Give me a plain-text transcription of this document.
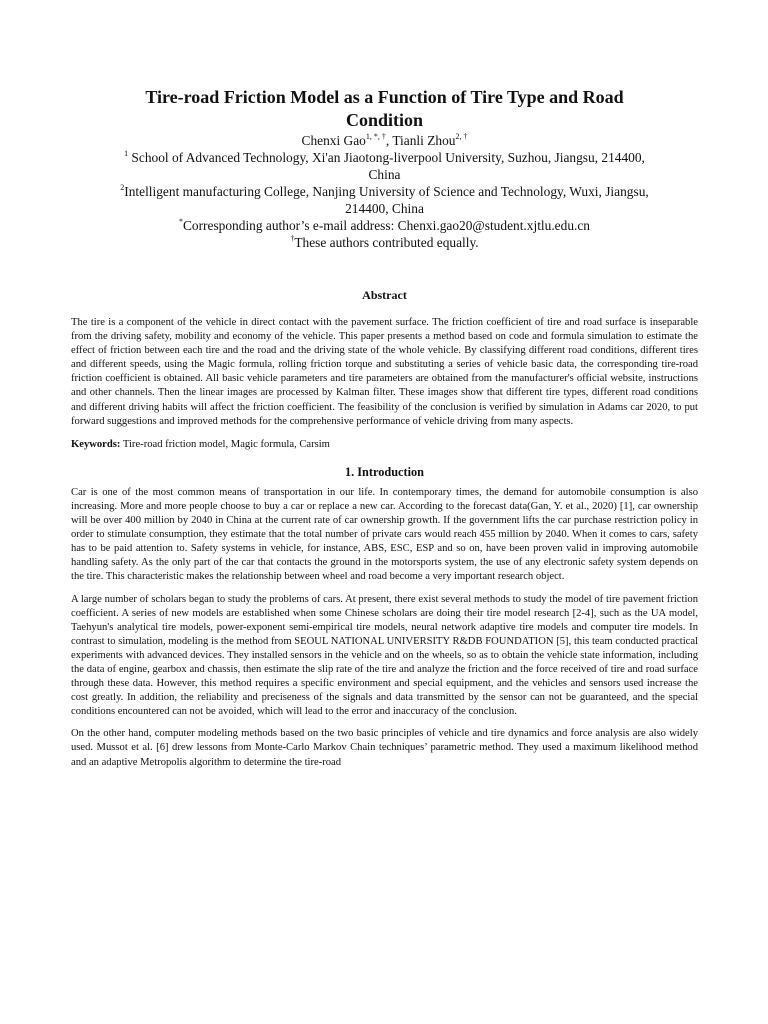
Tire-road Friction Model as a Function of Tire Type and Road
Condition
Chenxi Gao$^{1, *, \dagger}$, Tianli Zhou$^{2, \dagger}$
$^1$ School of Advanced Technology, Xi'an Jiaotong-liverpool University, Suzhou, Jiangsu, 214400,
China
$^2$Intelligent manufacturing College, Nanjing University of Science and Technology, Wuxi, Jiangsu,
214400, China
*Corresponding author’s e-mail address: Chenxi.gao20@student.xjtlu.edu.cn
†These authors contributed equally.
Abstract

The tire is a component of the vehicle in direct contact with the pavement surface. The friction coefficient of tire and road surface is inseparable from the driving safety, mobility and economy of the vehicle. This paper presents a method based on code and formula simulation to estimate the effect of friction between each tire and the road and the driving state of the whole vehicle. By classifying different road conditions, different tires and different speeds, using the Magic formula, rolling friction torque and substituting a series of vehicle basic data, the corresponding tire-road friction coefficient is obtained. All basic vehicle parameters and tire parameters are obtained from the manufacturer's official website, instructions and other channels. Then the linear images are processed by Kalman filter. These images show that different tire types, different road conditions and different driving habits will affect the friction coefficient. The feasibility of the conclusion is verified by simulation in Adams car 2020, to put forward suggestions and improved methods for the comprehensive performance of vehicle driving from many aspects.

Keywords: Tire-road friction model, Magic formula, Carsim

1. Introduction

Car is one of the most common means of transportation in our life. In contemporary times, the demand for automobile consumption is also increasing. More and more people choose to buy a car or replace a new car. According to the forecast data(Gan, Y. et al., 2020) [1], car ownership will be over 400 million by 2040 in China at the current rate of car ownership growth. If the government lifts the car purchase restriction policy in order to stimulate consumption, they estimate that the total number of private cars would reach 455 million by 2040. When it comes to cars, safety has to be paid attention to. Safety systems in vehicle, for instance, ABS, ESC, ESP and so on, have been proven valid in improving automobile handling safety. As the only part of the car that contacts the ground in the motorsports system, the use of any electronic safety system depends on the tire. This characteristic makes the relationship between wheel and road become a very important research object.

A large number of scholars began to study the problems of cars. At present, there exist several methods to study the model of tire pavement friction coefficient. A series of new models are established when some Chinese scholars are doing their tire model research [2-4], such as the UA model, Taehyun's analytical tire models, power-exponent semi-empirical tire models, neural network adaptive tire models and computer tire models. In contrast to simulation, modeling is the method from SEOUL NATIONAL UNIVERSITY R&DB FOUNDATION [5], this team conducted practical experiments with advanced devices. They installed sensors in the vehicle and on the wheels, so as to obtain the vehicle state information, including the data of engine, gearbox and chassis, then estimate the slip rate of the tire and analyze the friction and the force received of tire and road surface through these data. However, this method requires a specific environment and special equipment, and the vehicles and sensors used increase the cost greatly. In addition, the reliability and preciseness of the signals and data transmitted by the sensor can not be guaranteed, and the special conditions encountered can not be avoided, which will lead to the error and inaccuracy of the conclusion.

On the other hand, computer modeling methods based on the two basic principles of vehicle and tire dynamics and force analysis are also widely used. Mussot et al. [6] drew lessons from Monte-Carlo Markov Chain techniques’ parametric method. They used a maximum likelihood method and an adaptive Metropolis algorithm to determine the tire-road
